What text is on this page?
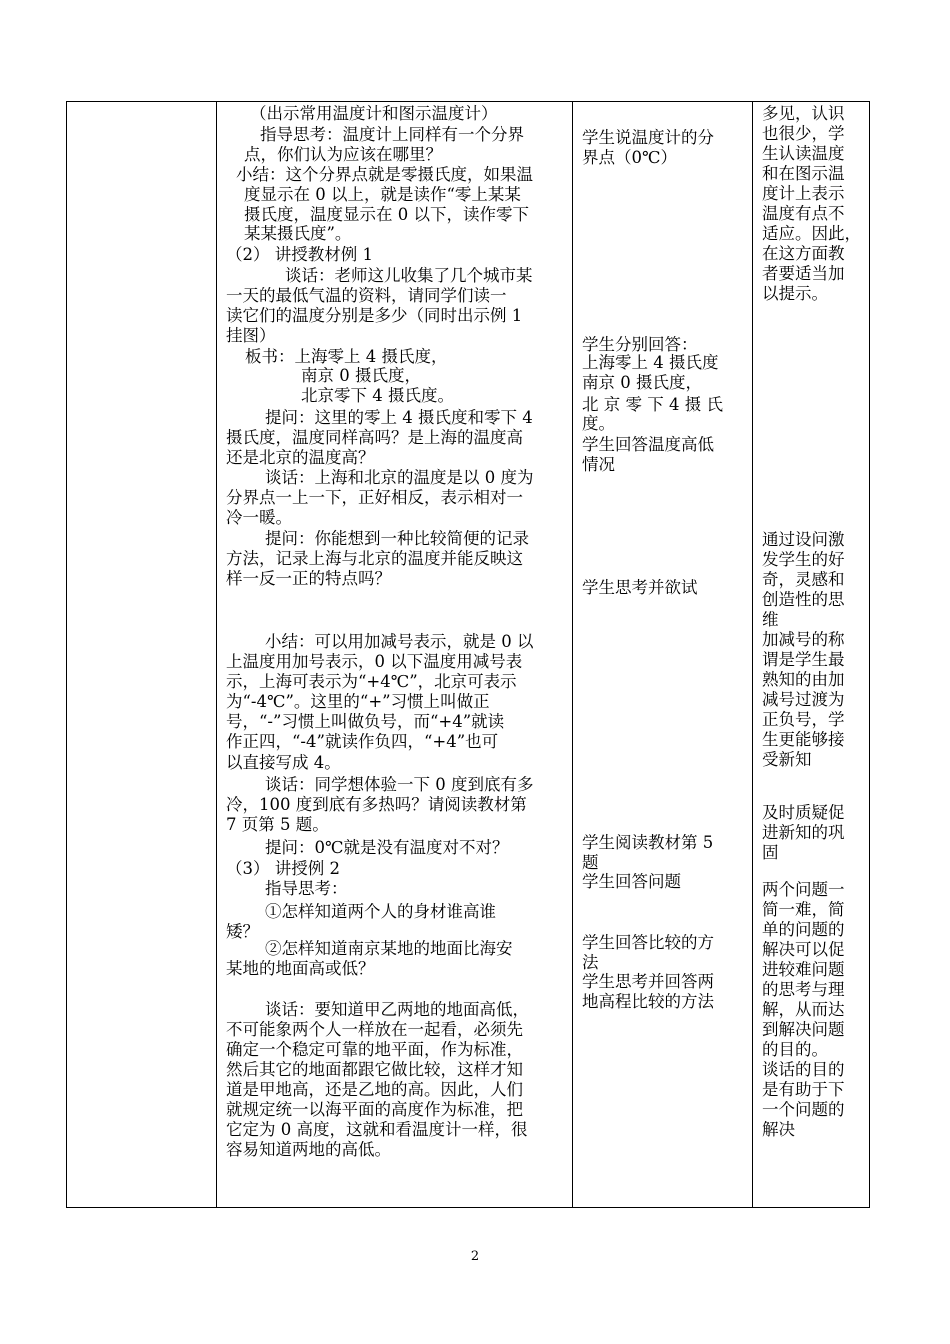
（出示常用温度计和图示温度计）
指导思考：温度计上同样有一个分界
点，你们认为应该在哪里？
小结：这个分界点就是零摄氏度，如果温
度显示在 0 以上，就是读作“零上某某
摄氏度，温度显示在 0 以下，读作零下
某某摄氏度”。
（2） 讲授教材例 1
谈话：老师这儿收集了几个城市某
一天的最低气温的资料，请同学们读一
读它们的温度分别是多少（同时出示例 1
挂图）
板书：上海零上 4 摄氏度，
南京 0 摄氏度，
北京零下 4 摄氏度。
提问：这里的零上 4 摄氏度和零下 4
摄氏度，温度同样高吗？是上海的温度高
还是北京的温度高？
谈话：上海和北京的温度是以 0 度为
分界点一上一下，正好相反，表示相对一
冷一暖。
提问：你能想到一种比较简便的记录
方法，记录上海与北京的温度并能反映这
样一反一正的特点吗？
小结：可以用加减号表示，就是 0 以
上温度用加号表示，0 以下温度用减号表
示，上海可表示为“+4℃”，北京可表示
为“-4℃”。这里的“+”习惯上叫做正
号，“-”习惯上叫做负号，而“+4”就读
作正四，“-4”就读作负四，“+4”也可
以直接写成 4。
谈话：同学想体验一下 0 度到底有多
冷，100 度到底有多热吗？请阅读教材第
7 页第 5 题。
提问：0℃就是没有温度对不对？
（3） 讲授例 2
指导思考：
①怎样知道两个人的身材谁高谁
矮？
②怎样知道南京某地的地面比海安
某地的地面高或低？
谈话：要知道甲乙两地的地面高低，
不可能象两个人一样放在一起看，必须先
确定一个稳定可靠的地平面，作为标准，
然后其它的地面都跟它做比较，这样才知
道是甲地高，还是乙地的高。因此，人们
就规定统一以海平面的高度作为标准，把
它定为 0 高度，这就和看温度计一样，很
容易知道两地的高低。
学生说温度计的分
界点（0℃）
学生分别回答：
上海零上 4 摄氏度
南京 0 摄氏度，
北 京 零 下 4 摄 氏
度。
学生回答温度高低
情况
学生思考并欲试
学生阅读教材第 5
题
学生回答问题
学生回答比较的方
法
学生思考并回答两
地高程比较的方法
多见，认识
也很少，学
生认读温度
和在图示温
度计上表示
温度有点不
适应。因此，
在这方面教
者要适当加
以提示。
通过设问激
发学生的好
奇，灵感和
创造性的思
维
加减号的称
谓是学生最
熟知的由加
减号过渡为
正负号，学
生更能够接
受新知
及时质疑促
进新知的巩
固
两个问题一
简一难，简
单的问题的
解决可以促
进较难问题
的思考与理
解，从而达
到解决问题
的目的。
谈话的目的
是有助于下
一个问题的
解决
2
